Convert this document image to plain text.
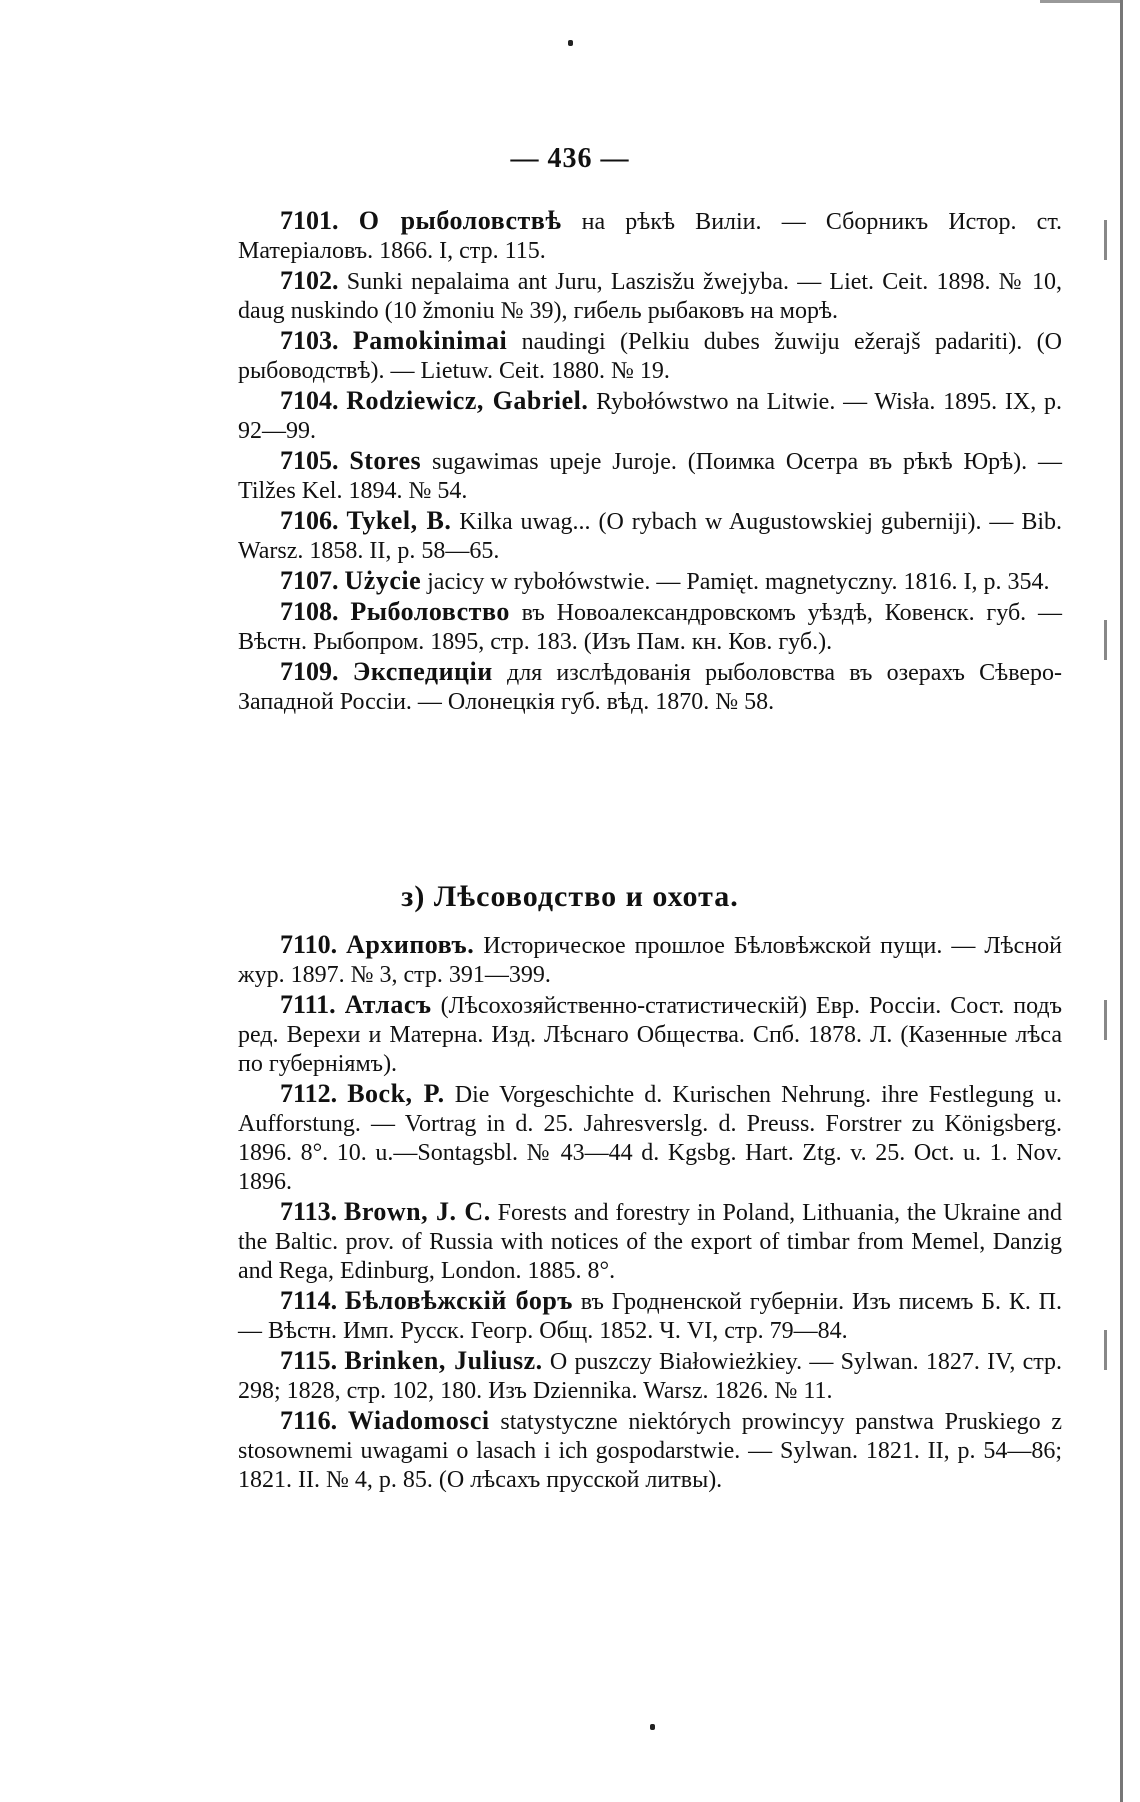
— 436 —

7101. О рыболовствѣ на рѣкѣ Виліи. — Сборникъ Истор. ст. Матеріаловъ. 1866. I, стр. 115.

7102. Sunki nepalaima ant Juru, Laszisžu žwejyba. — Liet. Ceit. 1898. № 10, daug nuskindo (10 žmoniu № 39), гибель рыбаковъ на морѣ.

7103. Pamokinimai naudingi (Pelkiu dubes žuwiju ežerajš padariti). (О рыбоводствѣ). — Lietuw. Ceit. 1880. № 19.

7104. Rodziewicz, Gabriel. Rybołówstwo na Litwie. — Wisła. 1895. IX, p. 92—99.

7105. Stores sugawimas upeje Juroje. (Поимка Осетра въ рѣкѣ Юрѣ). — Tilžes Kel. 1894. № 54.

7106. Tykel, B. Kilka uwag... (O rybach w Augustowskiej guberniji). — Bib. Warsz. 1858. II, p. 58—65.

7107. Użycie jacicy w rybołówstwie. — Pamięt. magnetyczny. 1816. I, p. 354.

7108. Рыболовство въ Новоалександровскомъ уѣздѣ, Ковенск. губ. — Вѣстн. Рыбопром. 1895, стр. 183. (Изъ Пам. кн. Ков. губ.).

7109. Экспедиціи для изслѣдованія рыболовства въ озерахъ Сѣверо-Западной Россіи. — Олонецкія губ. вѣд. 1870. № 58.

з) Лѣсоводство и охота.

7110. Архиповъ. Историческое прошлое Бѣловѣжской пущи. — Лѣсной жур. 1897. № 3, стр. 391—399.

7111. Атласъ (Лѣсохозяйственно-статистическій) Евр. Россіи. Сост. подъ ред. Верехи и Матерна. Изд. Лѣснаго Общества. Спб. 1878. Л. (Казенные лѣса по губерніямъ).

7112. Bock, P. Die Vorgeschichte d. Kurischen Nehrung. ihre Festlegung u. Aufforstung. — Vortrag in d. 25. Jahresverslg. d. Preuss. Forstrer zu Königsberg. 1896. 8°. 10. u.—Sontagsbl. № 43—44 d. Kgsbg. Hart. Ztg. v. 25. Oct. u. 1. Nov. 1896.

7113. Brown, J. C. Forests and forestry in Poland, Lithuania, the Ukraine and the Baltic. prov. of Russia with notices of the export of timbar from Memel, Danzig and Rega, Edinburg, London. 1885. 8°.

7114. Бѣловѣжскій боръ въ Гродненской губерніи. Изъ писемъ Б. К. П. — Вѣстн. Имп. Русск. Геогр. Общ. 1852. Ч. VI, стр. 79—84.

7115. Brinken, Juliusz. O puszczy Białowieżkiey. — Sylwan. 1827. IV, стр. 298; 1828, стр. 102, 180. Изъ Dziennika. Warsz. 1826. № 11.

7116. Wiadomosci statystyczne niektórych prowincyy panstwa Pruskiego z stosownemi uwagami o lasach i ich gospodarstwie. — Sylwan. 1821. II, p. 54—86; 1821. II. № 4, p. 85. (О лѣсахъ прусской литвы).
